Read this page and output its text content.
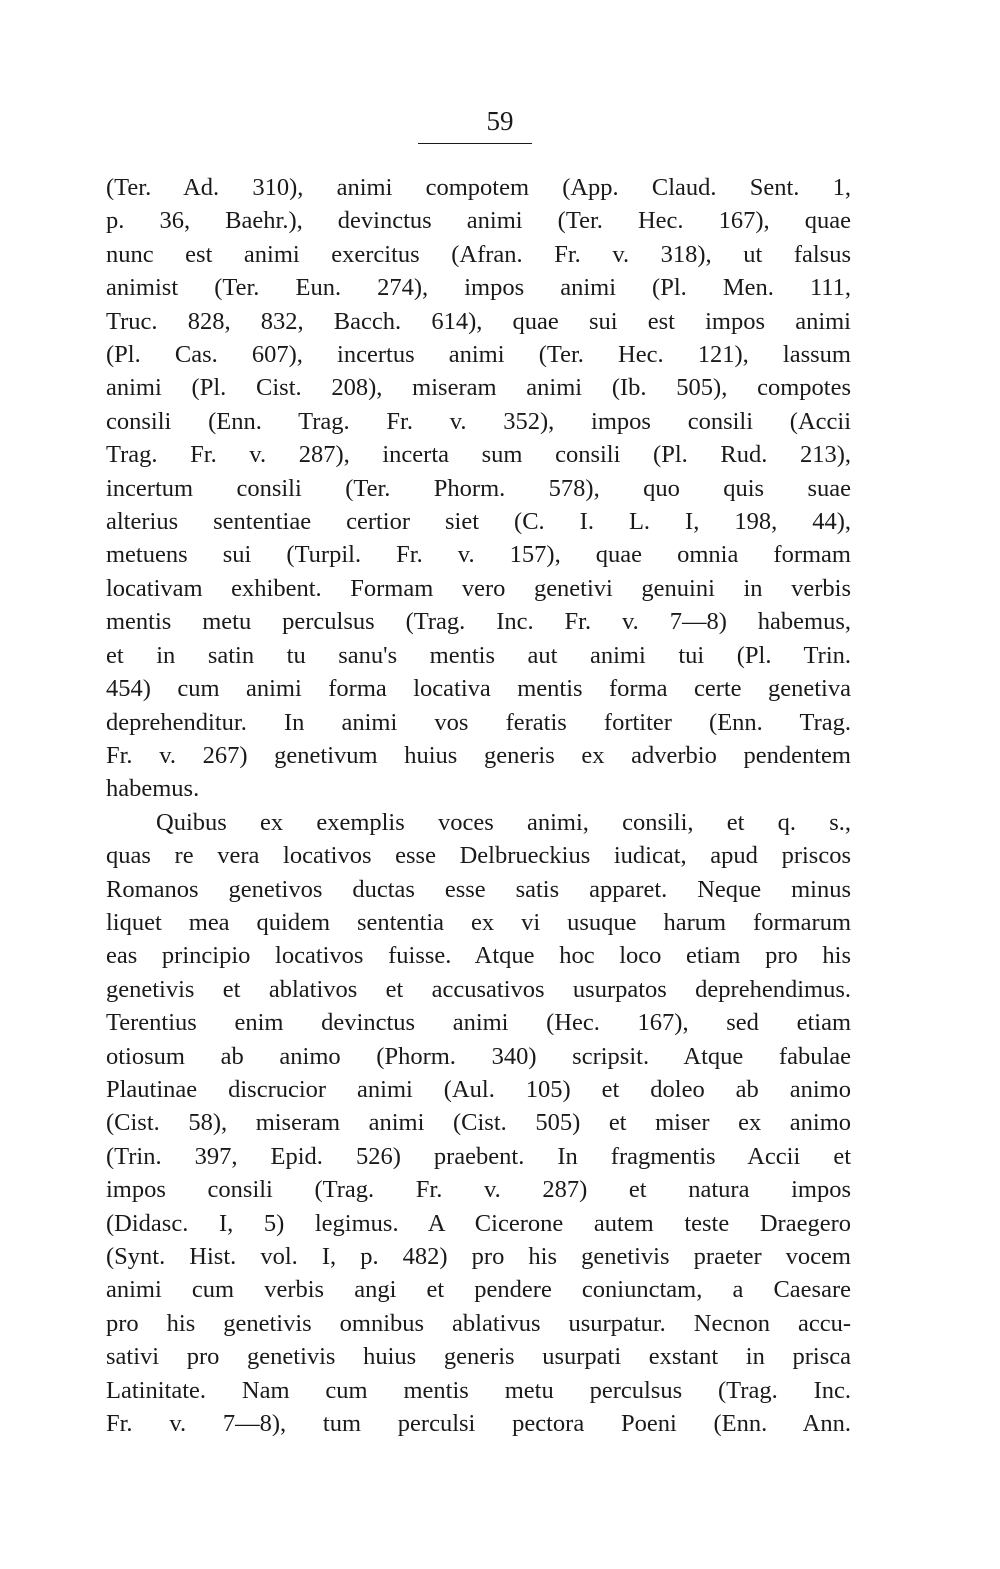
59
(Ter. Ad. 310), animi compotem (App. Claud. Sent. 1,
p. 36, Baehr.), devinctus animi (Ter. Hec. 167), quae
nunc est animi exercitus (Afran. Fr. v. 318), ut falsus
animist (Ter. Eun. 274), impos animi (Pl. Men. 111,
Truc. 828, 832, Bacch. 614), quae sui est impos animi
(Pl. Cas. 607), incertus animi (Ter. Hec. 121), lassum
animi (Pl. Cist. 208), miseram animi (Ib. 505), compotes
consili (Enn. Trag. Fr. v. 352), impos consili (Accii
Trag. Fr. v. 287), incerta sum consili (Pl. Rud. 213),
incertum consili (Ter. Phorm. 578), quo quis suae
alterius sententiae certior siet (C. I. L. I, 198, 44),
metuens sui (Turpil. Fr. v. 157), quae omnia formam
locativam exhibent. Formam vero genetivi genuini in verbis
mentis metu perculsus (Trag. Inc. Fr. v. 7—8) habemus,
et in satin tu sanu's mentis aut animi tui (Pl. Trin.
454) cum animi forma locativa mentis forma certe genetiva
deprehenditur. In animi vos feratis fortiter (Enn. Trag.
Fr. v. 267) genetivum huius generis ex adverbio pendentem
habemus.
Quibus ex exemplis voces animi, consili, et q. s.,
quas re vera locativos esse Delbrueckius iudicat, apud priscos
Romanos genetivos ductas esse satis apparet. Neque minus
liquet mea quidem sententia ex vi usuque harum formarum
eas principio locativos fuisse. Atque hoc loco etiam pro his
genetivis et ablativos et accusativos usurpatos deprehendimus.
Terentius enim devinctus animi (Hec. 167), sed etiam
otiosum ab animo (Phorm. 340) scripsit. Atque fabulae
Plautinae discrucior animi (Aul. 105) et doleo ab animo
(Cist. 58), miseram animi (Cist. 505) et miser ex animo
(Trin. 397, Epid. 526) praebent. In fragmentis Accii et
impos consili (Trag. Fr. v. 287) et natura impos
(Didasc. I, 5) legimus. A Cicerone autem teste Draegero
(Synt. Hist. vol. I, p. 482) pro his genetivis praeter vocem
animi cum verbis angi et pendere coniunctam, a Caesare
pro his genetivis omnibus ablativus usurpatur. Necnon accu-
sativi pro genetivis huius generis usurpati exstant in prisca
Latinitate. Nam cum mentis metu perculsus (Trag. Inc.
Fr. v. 7—8), tum perculsi pectora Poeni (Enn. Ann.
